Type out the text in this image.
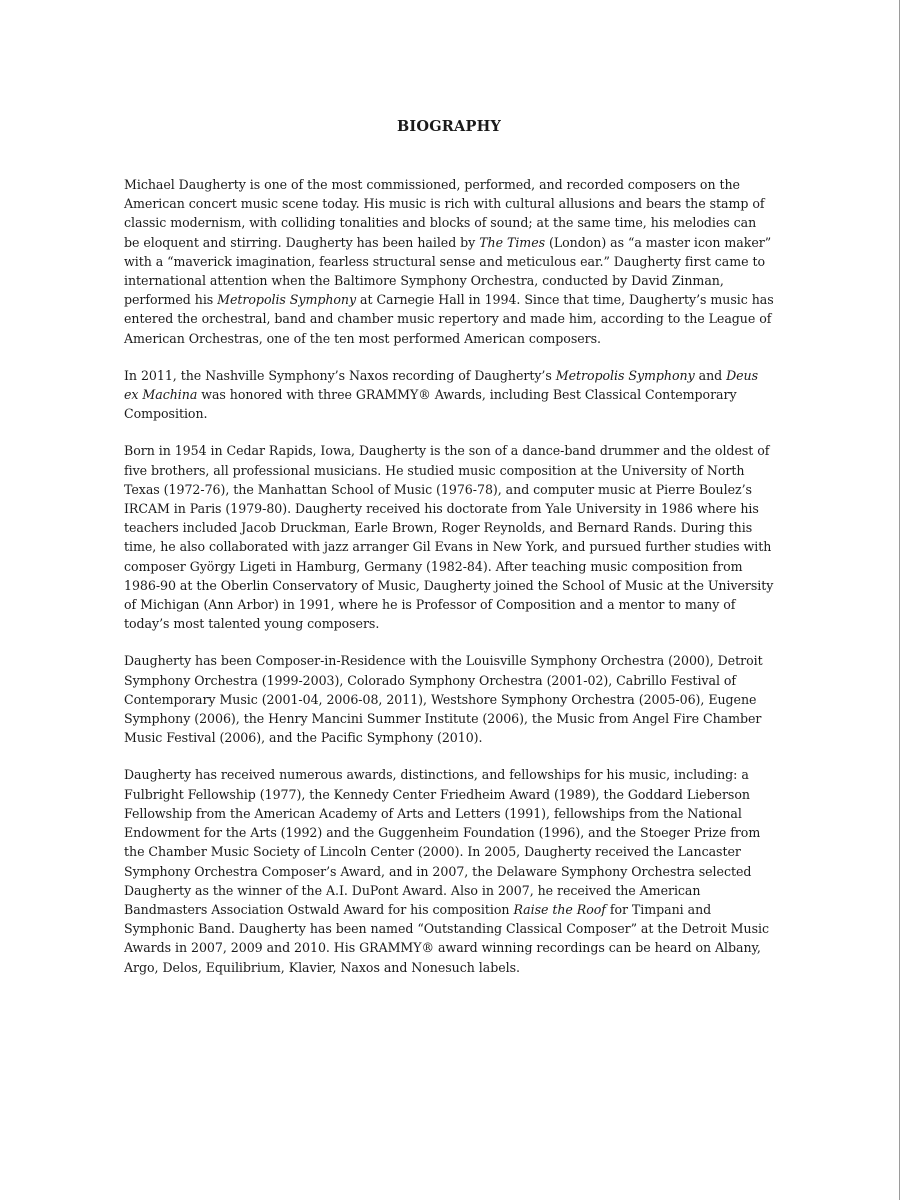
BIOGRAPHY

Michael Daugherty is one of the most commissioned, performed, and recorded composers on the American concert music scene today. His music is rich with cultural allusions and bears the stamp of classic modernism, with colliding tonalities and blocks of sound; at the same time, his melodies can be eloquent and stirring. Daugherty has been hailed by The Times (London) as “a master icon maker” with a “maverick imagination, fearless structural sense and meticulous ear.” Daugherty first came to international attention when the Baltimore Symphony Orchestra, conducted by David Zinman, performed his Metropolis Symphony at Carnegie Hall in 1994. Since that time, Daugherty’s music has entered the orchestral, band and chamber music repertory and made him, according to the League of American Orchestras, one of the ten most performed American composers.

In 2011, the Nashville Symphony’s Naxos recording of Daugherty’s Metropolis Symphony and Deus ex Machina was honored with three GRAMMY® Awards, including Best Classical Contemporary Composition.

Born in 1954 in Cedar Rapids, Iowa, Daugherty is the son of a dance-band drummer and the oldest of five brothers, all professional musicians. He studied music composition at the University of North Texas (1972-76), the Manhattan School of Music (1976-78), and computer music at Pierre Boulez’s IRCAM in Paris (1979-80). Daugherty received his doctorate from Yale University in 1986 where his teachers included Jacob Druckman, Earle Brown, Roger Reynolds, and Bernard Rands. During this time, he also collaborated with jazz arranger Gil Evans in New York, and pursued further studies with composer György Ligeti in Hamburg, Germany (1982-84). After teaching music composition from 1986-90 at the Oberlin Conservatory of Music, Daugherty joined the School of Music at the University of Michigan (Ann Arbor) in 1991, where he is Professor of Composition and a mentor to many of today’s most talented young composers.

Daugherty has been Composer-in-Residence with the Louisville Symphony Orchestra (2000), Detroit Symphony Orchestra (1999-2003), Colorado Symphony Orchestra (2001-02), Cabrillo Festival of Contemporary Music (2001-04, 2006-08, 2011), Westshore Symphony Orchestra (2005-06), Eugene Symphony (2006), the Henry Mancini Summer Institute (2006), the Music from Angel Fire Chamber Music Festival (2006), and the Pacific Symphony (2010).

Daugherty has received numerous awards, distinctions, and fellowships for his music, including: a Fulbright Fellowship (1977), the Kennedy Center Friedheim Award (1989), the Goddard Lieberson Fellowship from the American Academy of Arts and Letters (1991), fellowships from the National Endowment for the Arts (1992) and the Guggenheim Foundation (1996), and the Stoeger Prize from the Chamber Music Society of Lincoln Center (2000). In 2005, Daugherty received the Lancaster Symphony Orchestra Composer’s Award, and in 2007, the Delaware Symphony Orchestra selected Daugherty as the winner of the A.I. DuPont Award. Also in 2007, he received the American Bandmasters Association Ostwald Award for his composition Raise the Roof for Timpani and Symphonic Band. Daugherty has been named “Outstanding Classical Composer” at the Detroit Music Awards in 2007, 2009 and 2010. His GRAMMY® award winning recordings can be heard on Albany, Argo, Delos, Equilibrium, Klavier, Naxos and Nonesuch labels.
